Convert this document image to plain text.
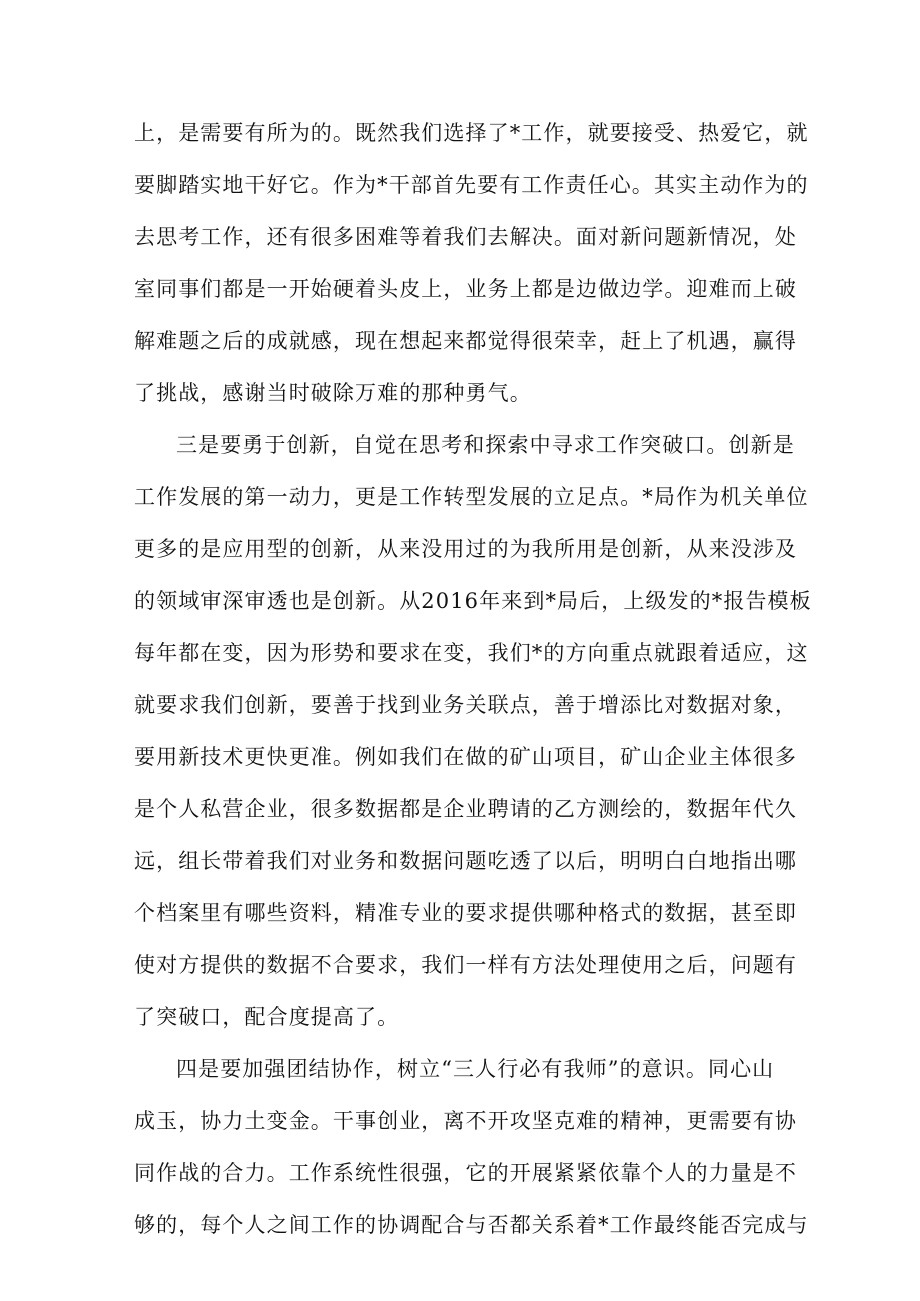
上，是需要有所为的。既然我们选择了*工作，就要接受、热爱它，就
要脚踏实地干好它。作为*干部首先要有工作责任心。其实主动作为的
去思考工作，还有很多困难等着我们去解决。面对新问题新情况，处
室同事们都是一开始硬着头皮上，业务上都是边做边学。迎难而上破
解难题之后的成就感，现在想起来都觉得很荣幸，赶上了机遇，赢得
了挑战，感谢当时破除万难的那种勇气。
三是要勇于创新，自觉在思考和探索中寻求工作突破口。创新是
工作发展的第一动力，更是工作转型发展的立足点。*局作为机关单位
更多的是应用型的创新，从来没用过的为我所用是创新，从来没涉及
的领域审深审透也是创新。从2016年来到*局后，上级发的*报告模板
每年都在变，因为形势和要求在变，我们*的方向重点就跟着适应，这
就要求我们创新，要善于找到业务关联点，善于增添比对数据对象，
要用新技术更快更准。例如我们在做的矿山项目，矿山企业主体很多
是个人私营企业，很多数据都是企业聘请的乙方测绘的，数据年代久
远，组长带着我们对业务和数据问题吃透了以后，明明白白地指出哪
个档案里有哪些资料，精准专业的要求提供哪种格式的数据，甚至即
使对方提供的数据不合要求，我们一样有方法处理使用之后，问题有
了突破口，配合度提高了。
四是要加强团结协作，树立“三人行必有我师”的意识。同心山
成玉，协力土变金。干事创业，离不开攻坚克难的精神，更需要有协
同作战的合力。工作系统性很强，它的开展紧紧依靠个人的力量是不
够的，每个人之间工作的协调配合与否都关系着*工作最终能否完成与
